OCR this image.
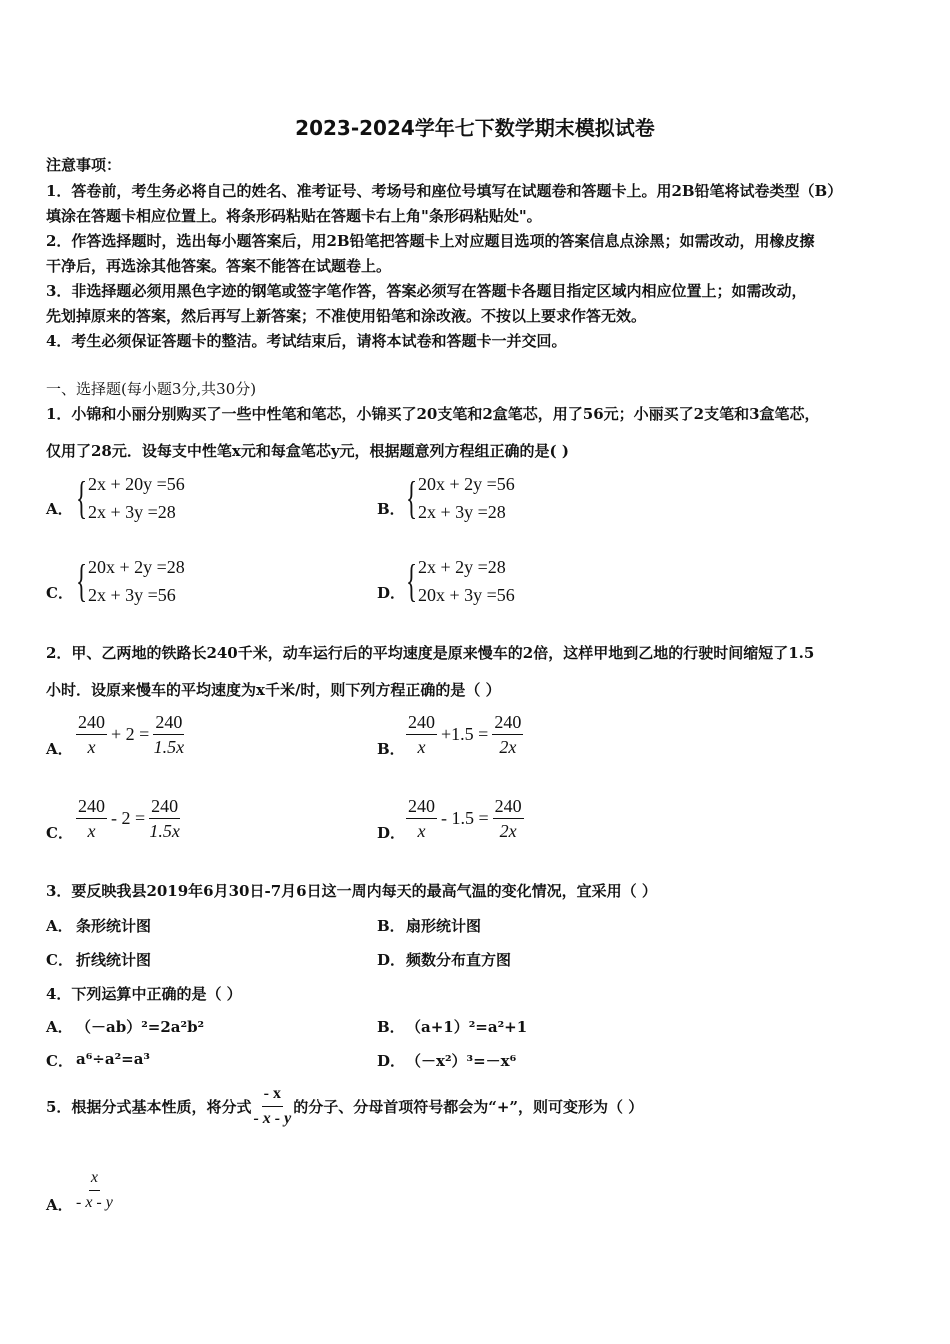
2023-2024学年七下数学期末模拟试卷
注意事项：
1．答卷前，考生务必将自己的姓名、准考证号、考场号和座位号填写在试题卷和答题卡上。用2B铅笔将试卷类型（B）
填涂在答题卡相应位置上。将条形码粘贴在答题卡右上角"条形码粘贴处"。
2．作答选择题时，选出每小题答案后，用2B铅笔把答题卡上对应题目选项的答案信息点涂黑；如需改动，用橡皮擦
干净后，再选涂其他答案。答案不能答在试题卷上。
3．非选择题必须用黑色字迹的钢笔或签字笔作答，答案必须写在答题卡各题目指定区域内相应位置上；如需改动，
先划掉原来的答案，然后再写上新答案；不准使用铅笔和涂改液。不按以上要求作答无效。
4．考生必须保证答题卡的整洁。考试结束后，请将本试卷和答题卡一并交回。
一、选择题(每小题3分,共30分)
1．小锦和小丽分别购买了一些中性笔和笔芯，小锦买了20支笔和2盒笔芯，用了56元；小丽买了2支笔和3盒笔芯，
仅用了28元．设每支中性笔x元和每盒笔芯y元，根据题意列方程组正确的是( )
A． { 2x + 20y =56
2x + 3y =28	B． { 20x + 2y =56
2x + 3y =28
C． { 20x + 2y =28
2x + 3y =56	D． { 2x + 2y =28
20x + 3y =56
2．甲、乙两地的铁路长240千米，动车运行后的平均速度是原来慢车的2倍，这样甲地到乙地的行驶时间缩短了1.5
小时．设原来慢车的平均速度为x千米/时，则下列方程正确的是（ ）
A． $\frac{240}{x} + 2 = \frac{240}{1.5x}$	B． $\frac{240}{x} +1.5 = \frac{240}{2x}$
C． $\frac{240}{x} - 2 = \frac{240}{1.5x}$	D． $\frac{240}{x} - 1.5 = \frac{240}{2x}$
3．要反映我县2019年6月30日-7月6日这一周内每天的最高气温的变化情况，宜采用（ ）
A． 条形统计图	B． 扇形统计图
C． 折线统计图	D． 频数分布直方图
4．下列运算中正确的是（ ）
A． （－ab）²=2a²b²	B． （a+1）²=a²+1
C． a⁶÷a²=a³	D． （－x²）³=－x⁶
5．根据分式基本性质，将分式 $\frac{- x}{- x - y}$ 的分子、分母首项符号都会为“+”，则可变形为（ ）
A． $\frac{x}{- x - y}$
